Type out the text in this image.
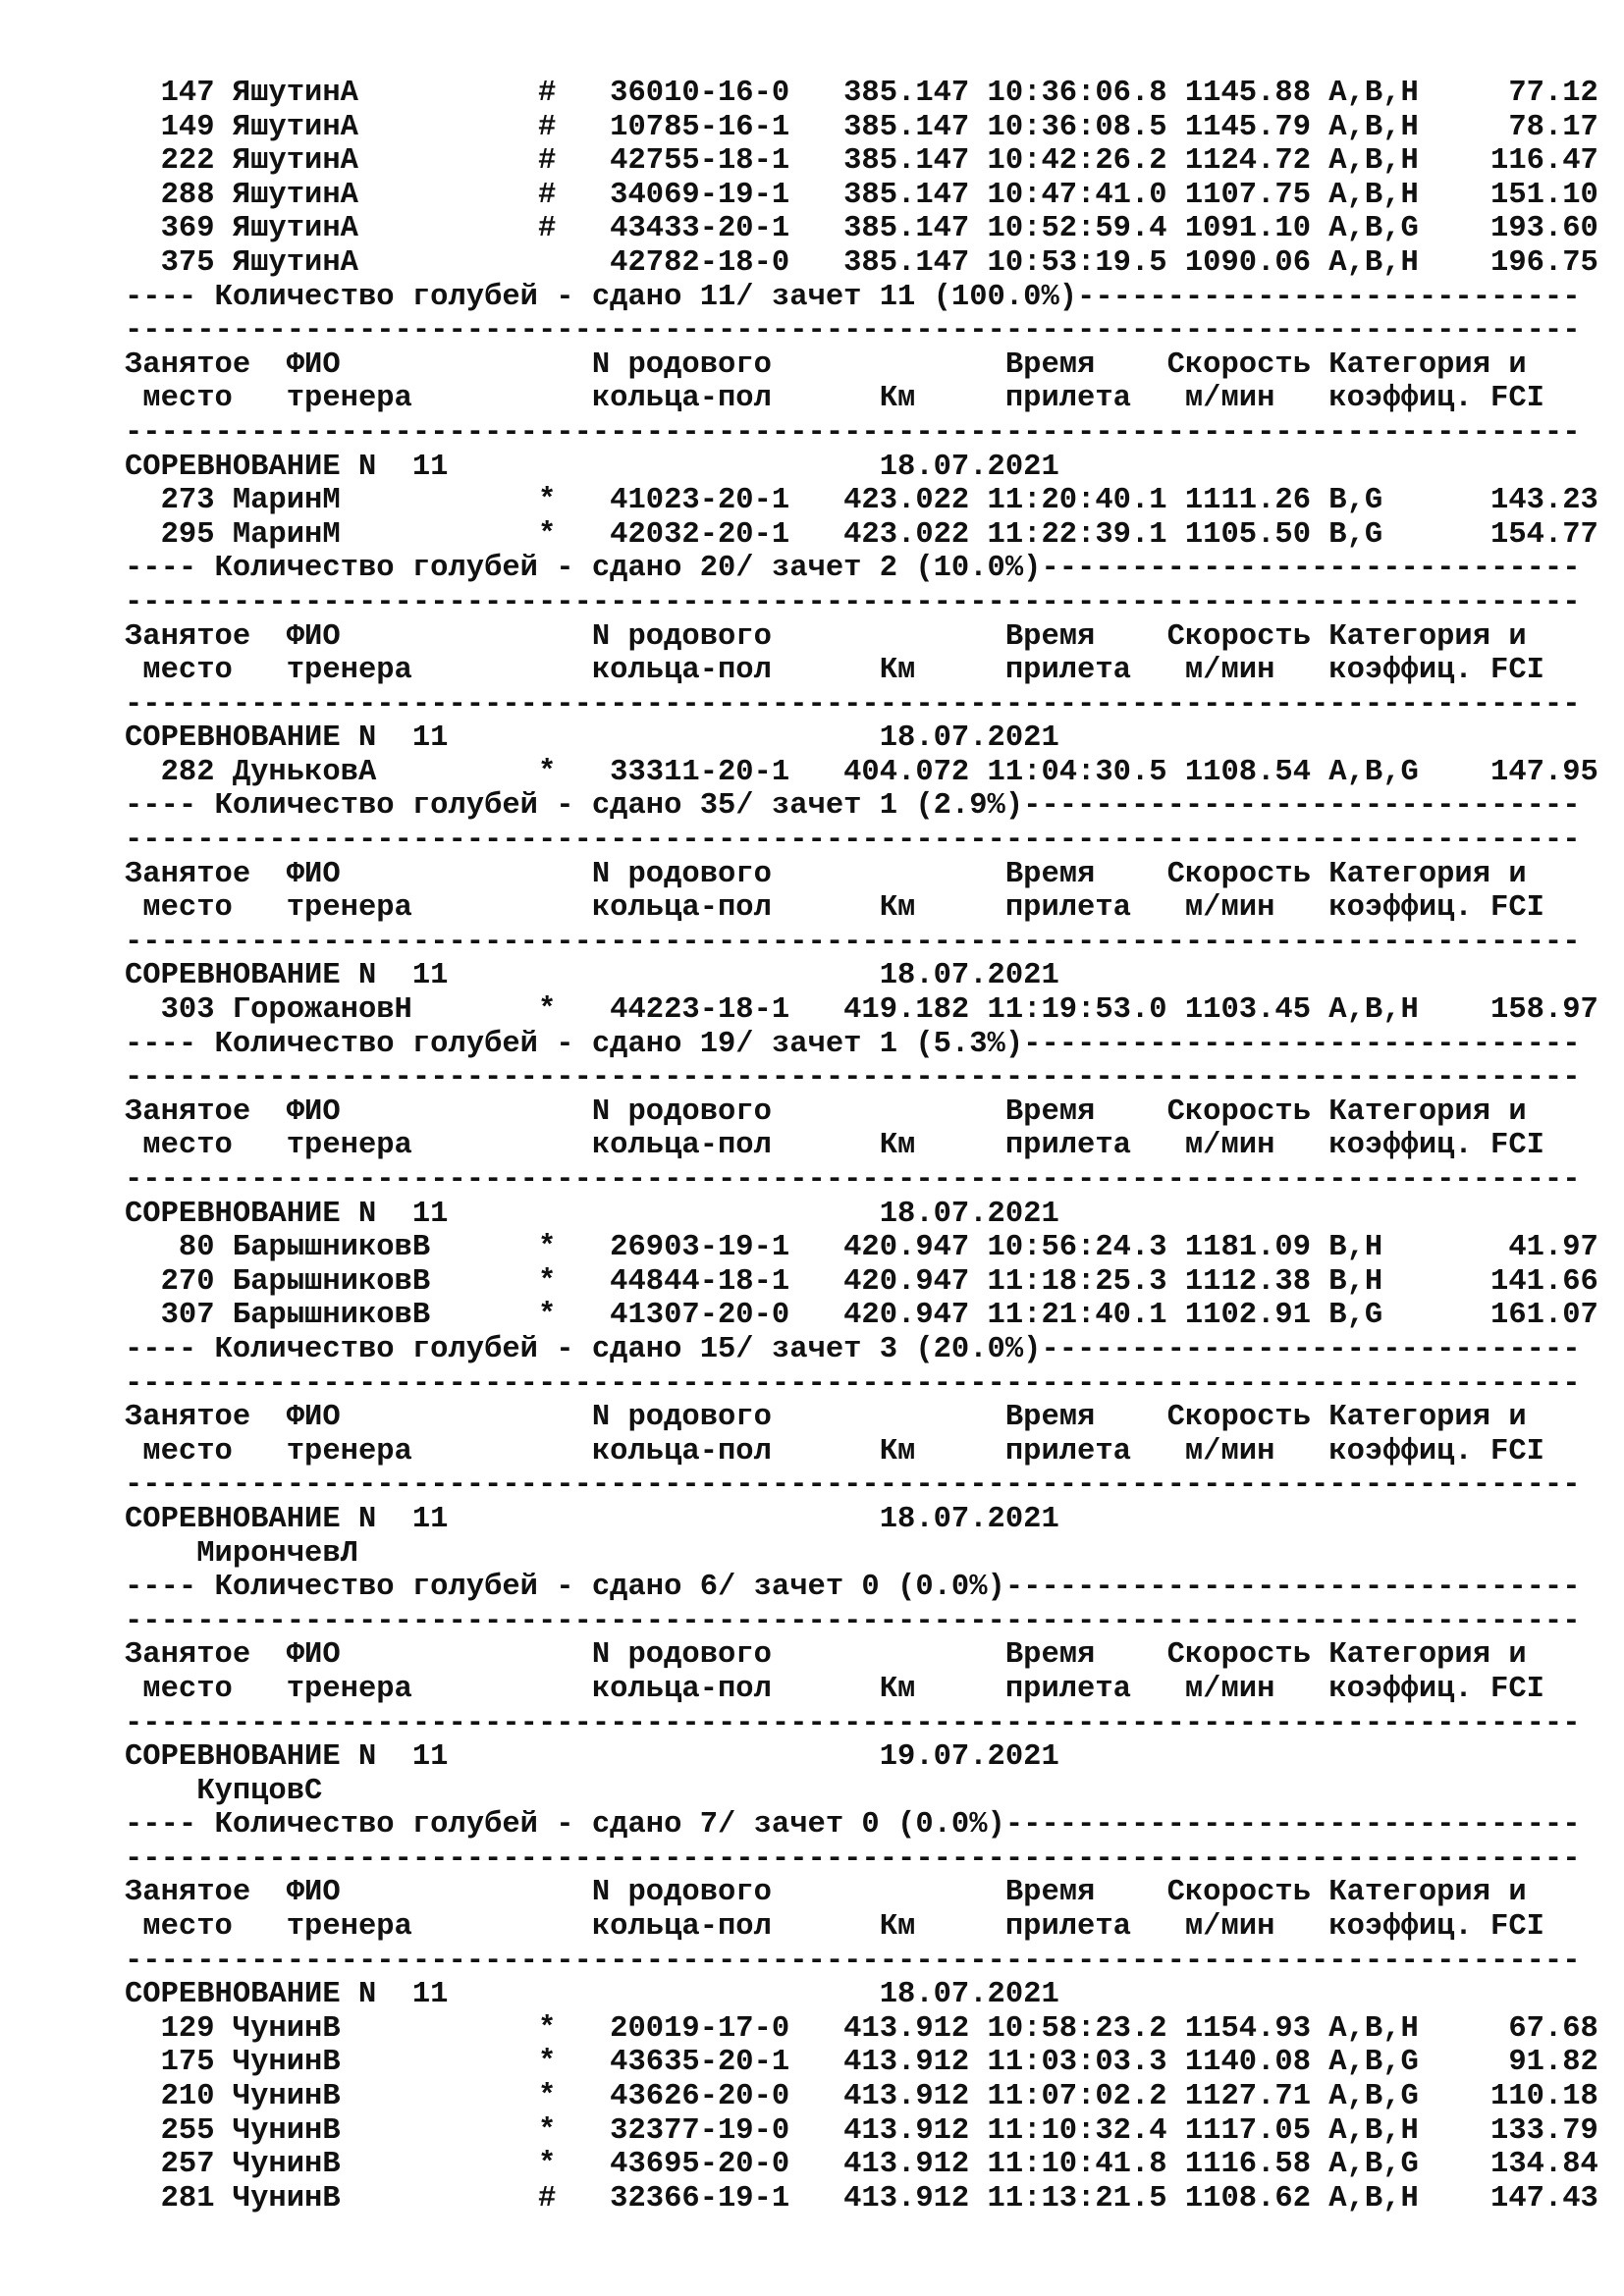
147 ЯшутинА          #   36010-16-0   385.147 10:36:06.8 1145.88 A,B,H     77.12
149 ЯшутинА          #   10785-16-1   385.147 10:36:08.5 1145.79 A,B,H     78.17
222 ЯшутинА          #   42755-18-1   385.147 10:42:26.2 1124.72 A,B,H    116.47
288 ЯшутинА          #   34069-19-1   385.147 10:47:41.0 1107.75 A,B,H    151.10
369 ЯшутинА          #   43433-20-1   385.147 10:52:59.4 1091.10 A,B,G    193.60
375 ЯшутинА              42782-18-0   385.147 10:53:19.5 1090.06 A,B,H    196.75
---- Количество голубей - сдано 11/ зачет 11 (100.0%)----------------------------
---------------------------------------------------------------------------------
Занятое  ФИО              N родового             Время    Скорость Категория и
место   тренера          кольца-пол      Км     прилета   м/мин   коэффиц. FCI
---------------------------------------------------------------------------------
СОРЕВНОВАНИЕ N  11                        18.07.2021
273 МаринМ           *   41023-20-1   423.022 11:20:40.1 1111.26 B,G      143.23
295 МаринМ           *   42032-20-1   423.022 11:22:39.1 1105.50 B,G      154.77
---- Количество голубей - сдано 20/ зачет 2 (10.0%)------------------------------
---------------------------------------------------------------------------------
Занятое  ФИО              N родового             Время    Скорость Категория и
место   тренера          кольца-пол      Км     прилета   м/мин   коэффиц. FCI
---------------------------------------------------------------------------------
СОРЕВНОВАНИЕ N  11                        18.07.2021
282 ДуньковА         *   33311-20-1   404.072 11:04:30.5 1108.54 A,B,G    147.95
---- Количество голубей - сдано 35/ зачет 1 (2.9%)-------------------------------
---------------------------------------------------------------------------------
Занятое  ФИО              N родового             Время    Скорость Категория и
место   тренера          кольца-пол      Км     прилета   м/мин   коэффиц. FCI
---------------------------------------------------------------------------------
СОРЕВНОВАНИЕ N  11                        18.07.2021
303 ГорожановН       *   44223-18-1   419.182 11:19:53.0 1103.45 A,B,H    158.97
---- Количество голубей - сдано 19/ зачет 1 (5.3%)-------------------------------
---------------------------------------------------------------------------------
Занятое  ФИО              N родового             Время    Скорость Категория и
место   тренера          кольца-пол      Км     прилета   м/мин   коэффиц. FCI
---------------------------------------------------------------------------------
СОРЕВНОВАНИЕ N  11                        18.07.2021
80 БарышниковВ      *   26903-19-1   420.947 10:56:24.3 1181.09 B,H       41.97
270 БарышниковВ      *   44844-18-1   420.947 11:18:25.3 1112.38 B,H      141.66
307 БарышниковВ      *   41307-20-0   420.947 11:21:40.1 1102.91 B,G      161.07
---- Количество голубей - сдано 15/ зачет 3 (20.0%)------------------------------
---------------------------------------------------------------------------------
Занятое  ФИО              N родового             Время    Скорость Категория и
место   тренера          кольца-пол      Км     прилета   м/мин   коэффиц. FCI
---------------------------------------------------------------------------------
СОРЕВНОВАНИЕ N  11                        18.07.2021
МирончевЛ
---- Количество голубей - сдано 6/ зачет 0 (0.0%)--------------------------------
---------------------------------------------------------------------------------
Занятое  ФИО              N родового             Время    Скорость Категория и
место   тренера          кольца-пол      Км     прилета   м/мин   коэффиц. FCI
---------------------------------------------------------------------------------
СОРЕВНОВАНИЕ N  11                        19.07.2021
КупцовС
---- Количество голубей - сдано 7/ зачет 0 (0.0%)--------------------------------
---------------------------------------------------------------------------------
Занятое  ФИО              N родового             Время    Скорость Категория и
место   тренера          кольца-пол      Км     прилета   м/мин   коэффиц. FCI
---------------------------------------------------------------------------------
СОРЕВНОВАНИЕ N  11                        18.07.2021
129 ЧунинВ           *   20019-17-0   413.912 10:58:23.2 1154.93 A,B,H     67.68
175 ЧунинВ           *   43635-20-1   413.912 11:03:03.3 1140.08 A,B,G     91.82
210 ЧунинВ           *   43626-20-0   413.912 11:07:02.2 1127.71 A,B,G    110.18
255 ЧунинВ           *   32377-19-0   413.912 11:10:32.4 1117.05 A,B,H    133.79
257 ЧунинВ           *   43695-20-0   413.912 11:10:41.8 1116.58 A,B,G    134.84
281 ЧунинВ           #   32366-19-1   413.912 11:13:21.5 1108.62 A,B,H    147.43
